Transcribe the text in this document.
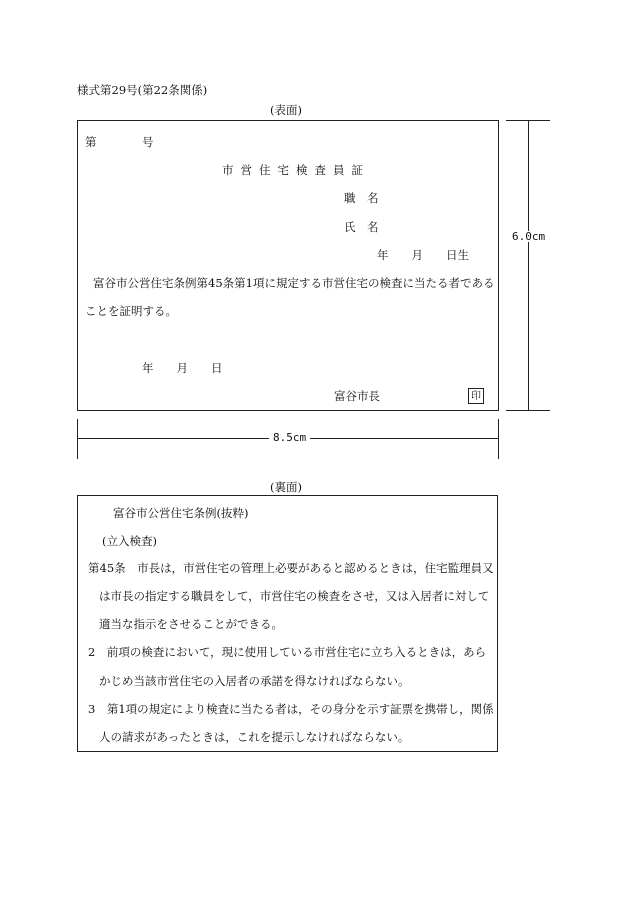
様式第29号(第22条関係)
(表面)
第	号
市営住宅検査員証
職　名
氏　名
年　　月　　日生
富谷市公営住宅条例第45条第1項に規定する市営住宅の検査に当たる者である
ことを証明する。
年　　月　　日
富谷市長	印
6.0cm
8.5cm
(裏面)
富谷市公営住宅条例(抜粋)
(立入検査)
第45条　市長は，市営住宅の管理上必要があると認めるときは，住宅監理員又
は市長の指定する職員をして，市営住宅の検査をさせ，又は入居者に対して
適当な指示をさせることができる。
2　前項の検査において，現に使用している市営住宅に立ち入るときは，あら
かじめ当該市営住宅の入居者の承諾を得なければならない。
3　第1項の規定により検査に当たる者は，その身分を示す証票を携帯し，関係
人の請求があったときは，これを提示しなければならない。
